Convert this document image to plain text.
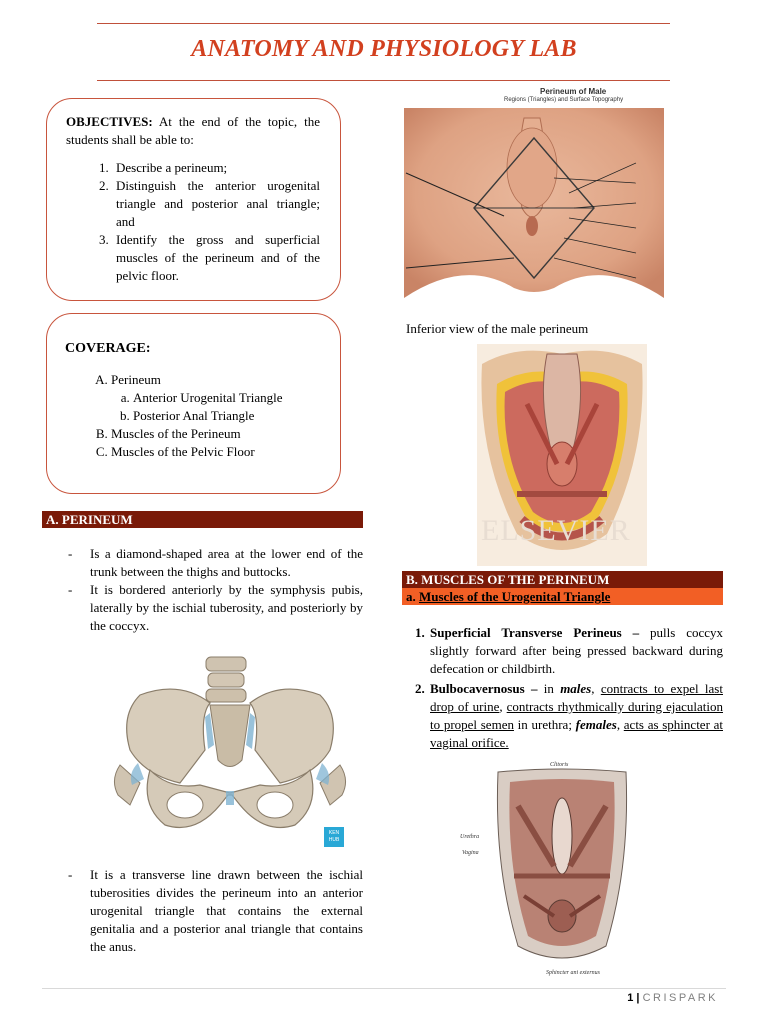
ANATOMY AND PHYSIOLOGY LAB
OBJECTIVES: At the end of the topic, the students shall be able to:
1. Describe a perineum;
2. Distinguish the anterior urogenital triangle and posterior anal triangle; and
3. Identify the gross and superficial muscles of the perineum and of the pelvic floor.
COVERAGE:
A. Perineum
a. Anterior Urogenital Triangle
b. Posterior Anal Triangle
B. Muscles of the Perineum
C. Muscles of the Pelvic Floor
A. PERINEUM
- Is a diamond-shaped area at the lower end of the trunk between the thighs and buttocks.
- It is bordered anteriorly by the symphysis pubis, laterally by the ischial tuberosity, and posteriorly by the coccyx.
KEN HUB
- It is a transverse line drawn between the ischial tuberosities divides the perineum into an anterior urogenital triangle that contains the external genitalia and a posterior anal triangle that contains the anus.
Perineum of Male
Regions (Triangles) and Surface Topography
Inferior view of the male perineum
ELSEVIER
B. MUSCLES OF THE PERINEUM
a. Muscles of the Urogenital Triangle
1. Superficial Transverse Perineus – pulls coccyx slightly forward after being pressed backward during defecation or childbirth.
2. Bulbocavernosus – in males, contracts to expel last drop of urine, contracts rhythmically during ejaculation to propel semen in urethra; females, acts as sphincter at vaginal orifice.
Clitoris
Urethra
Vagina
Sphincter ani externus
1 | CRISPARK
